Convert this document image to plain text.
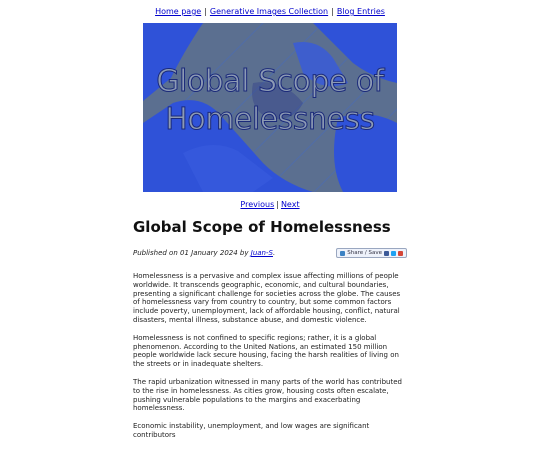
Home page | Generative Images Collection | Blog Entries
Global Scope of
Homelessness
Previous | Next
Global Scope of Homelessness
Published on 01 January 2024 by Juan-S.	Share / Save

Homelessness is a pervasive and complex issue affecting millions of people worldwide. It transcends geographic, economic, and cultural boundaries, presenting a significant challenge for societies across the globe. The causes of homelessness vary from country to country, but some common factors include poverty, unemployment, lack of affordable housing, conflict, natural disasters, mental illness, substance abuse, and domestic violence.

Homelessness is not confined to specific regions; rather, it is a global phenomenon. According to the United Nations, an estimated 150 million people worldwide lack secure housing, facing the harsh realities of living on the streets or in inadequate shelters.

The rapid urbanization witnessed in many parts of the world has contributed to the rise in homelessness. As cities grow, housing costs often escalate, pushing vulnerable populations to the margins and exacerbating homelessness.

Economic instability, unemployment, and low wages are significant contributors
